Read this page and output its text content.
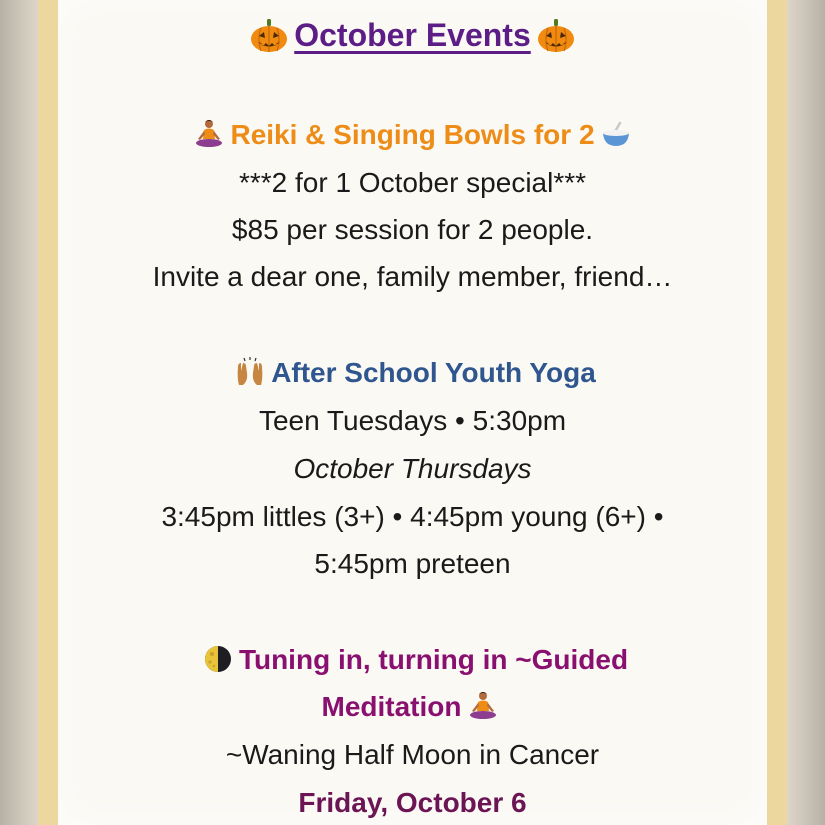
October Events
Reiki & Singing Bowls for 2
***2 for 1 October special***
$85 per session for 2 people.
Invite a dear one, family member, friend…
After School Youth Yoga
Teen Tuesdays • 5:30pm
October Thursdays
3:45pm littles (3+) • 4:45pm young (6+) •
5:45pm preteen
Tuning in, turning in ~Guided
Meditation
~Waning Half Moon in Cancer
Friday, October 6
